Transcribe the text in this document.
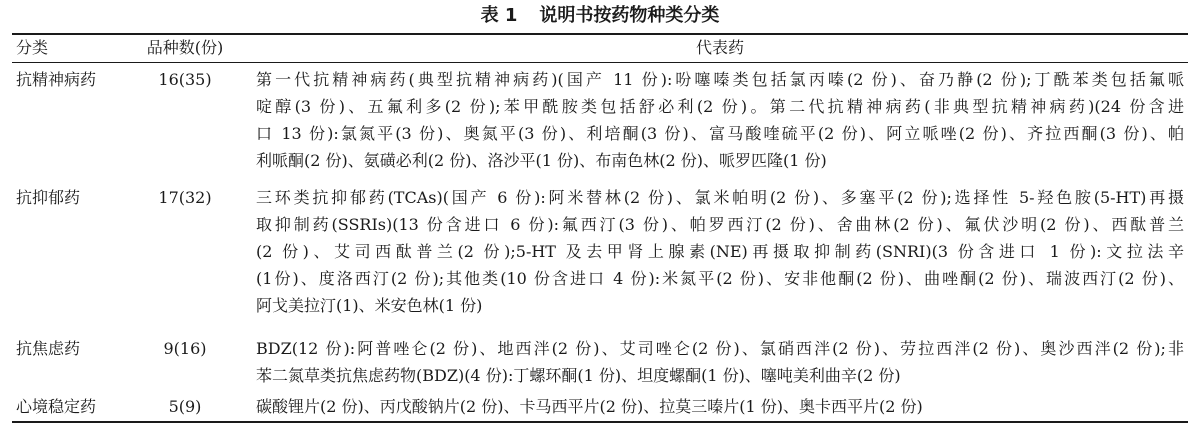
表 1 说明书按药物种类分类
分类	品种数(份)	代表药
抗精神病药	16(35)	第一代抗精神病药(典型抗精神病药)(国产 11 份):吩噻嗪类包括氯丙嗪(2 份)、奋乃静(2 份);丁酰苯类包括氟哌
啶醇(3 份)、五氟利多(2 份);苯甲酰胺类包括舒必利(2 份)。第二代抗精神病药(非典型抗精神病药)(24 份含进
口 13 份):氯氮平(3 份)、奥氮平(3 份)、利培酮(3 份)、富马酸喹硫平(2 份)、阿立哌唑(2 份)、齐拉西酮(3 份)、帕
利哌酮(2 份)、氨磺必利(2 份)、洛沙平(1 份)、布南色林(2 份)、哌罗匹隆(1 份)
抗抑郁药	17(32)	三环类抗抑郁药(TCAs)(国产 6 份):阿米替林(2 份)、氯米帕明(2 份)、多塞平(2 份);选择性 5-羟色胺(5-HT)再摄
取抑制药(SSRIs)(13 份含进口 6 份):氟西汀(3 份)、帕罗西汀(2 份)、舍曲林(2 份)、氟伏沙明(2 份)、西酞普兰
(2 份)、艾司西酞普兰(2 份);5-HT 及去甲肾上腺素(NE)再摄取抑制药(SNRI)(3 份含进口 1 份):文拉法辛
(1份)、度洛西汀(2 份);其他类(10 份含进口 4 份):米氮平(2 份)、安非他酮(2 份)、曲唑酮(2 份)、瑞波西汀(2 份)、
阿戈美拉汀(1)、米安色林(1 份)
抗焦虑药	9(16)	BDZ(12 份):阿普唑仑(2 份)、地西泮(2 份)、艾司唑仑(2 份)、氯硝西泮(2 份)、劳拉西泮(2 份)、奥沙西泮(2 份);非
苯二氮草类抗焦虑药物(BDZ)(4 份):丁螺环酮(1 份)、坦度螺酮(1 份)、噻吨美利曲辛(2 份)
心境稳定药	5(9)	碳酸锂片(2 份)、丙戊酸钠片(2 份)、卡马西平片(2 份)、拉莫三嗪片(1 份)、奥卡西平片(2 份)
